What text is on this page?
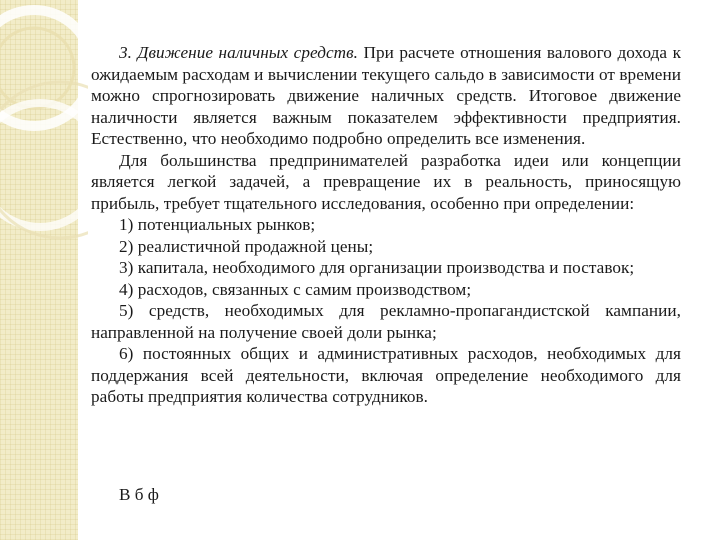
3. Движение наличных средств. При расчете отношения валового дохода к ожидаемым расходам и вычислении текущего сальдо в зависимости от времени можно спрогнозировать движение наличных средств. Итоговое движение наличности является важным показателем эффективности предприятия. Естественно, что необходимо подробно определить все изменения.

Для большинства предпринимателей разработка идеи или концепции является легкой задачей, а превращение их в реальность, приносящую прибыль, требует тщательного исследования, особенно при определении:

1) потенциальных рынков;

2) реалистичной продажной цены;

3) капитала, необходимого для организации производства и поставок;

4) расходов, связанных с самим производством;

5) средств, необходимых для рекламно-пропагандистской кампании, направленной на получение своей доли рынка;

6) постоянных общих и административных расходов, необходимых для поддержания всей деятельности, включая определение необходимого для работы предприятия количества сотрудников.

В б ф
